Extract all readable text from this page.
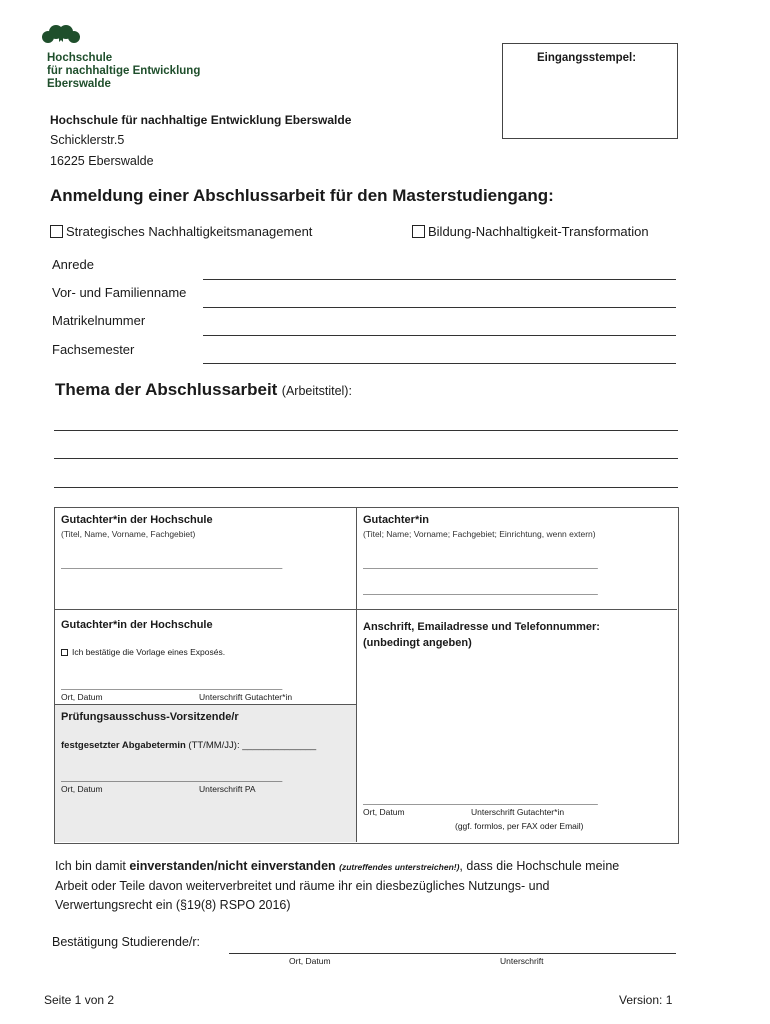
Hochschule
für nachhaltige Entwicklung
Eberswalde
Eingangsstempel:
Hochschule für nachhaltige Entwicklung Eberswalde
Schicklerstr.5
16225 Eberswalde
Anmeldung einer Abschlussarbeit für den Masterstudiengang:
Strategisches Nachhaltigkeitsmanagement	Bildung-Nachhaltigkeit-Transformation
Anrede
Vor- und Familienname
Matrikelnummer
Fachsemester
Thema der Abschlussarbeit (Arbeitstitel):
Gutachter*in der Hochschule
(Titel, Name, Vorname, Fachgebiet)
_________________________________________________
Gutachter*in
(Titel; Name; Vorname; Fachgebiet; Einrichtung, wenn extern)
____________________________________________________
____________________________________________________
Gutachter*in der Hochschule
Ich bestätige die Vorlage eines Exposés.
_________________________________________________
Ort, Datum	Unterschrift Gutachter*in
Prüfungsausschuss-Vorsitzende/r
festgesetzter Abgabetermin (TT/MM/JJ): ______________
_________________________________________________
Ort, Datum	Unterschrift PA
Anschrift, Emailadresse und Telefonnummer:
(unbedingt angeben)
____________________________________________________
Ort, Datum	Unterschrift Gutachter*in
(ggf. formlos, per FAX oder Email)
Ich bin damit einverstanden/nicht einverstanden (zutreffendes unterstreichen!), dass die Hochschule meine
Arbeit oder Teile davon weiterverbreitet und räume ihr ein diesbezügliches Nutzungs- und
Verwertungsrecht ein (§19(8) RSPO 2016)
Bestätigung Studierende/r:
Ort, Datum	Unterschrift
Seite 1 von 2	Version: 1
